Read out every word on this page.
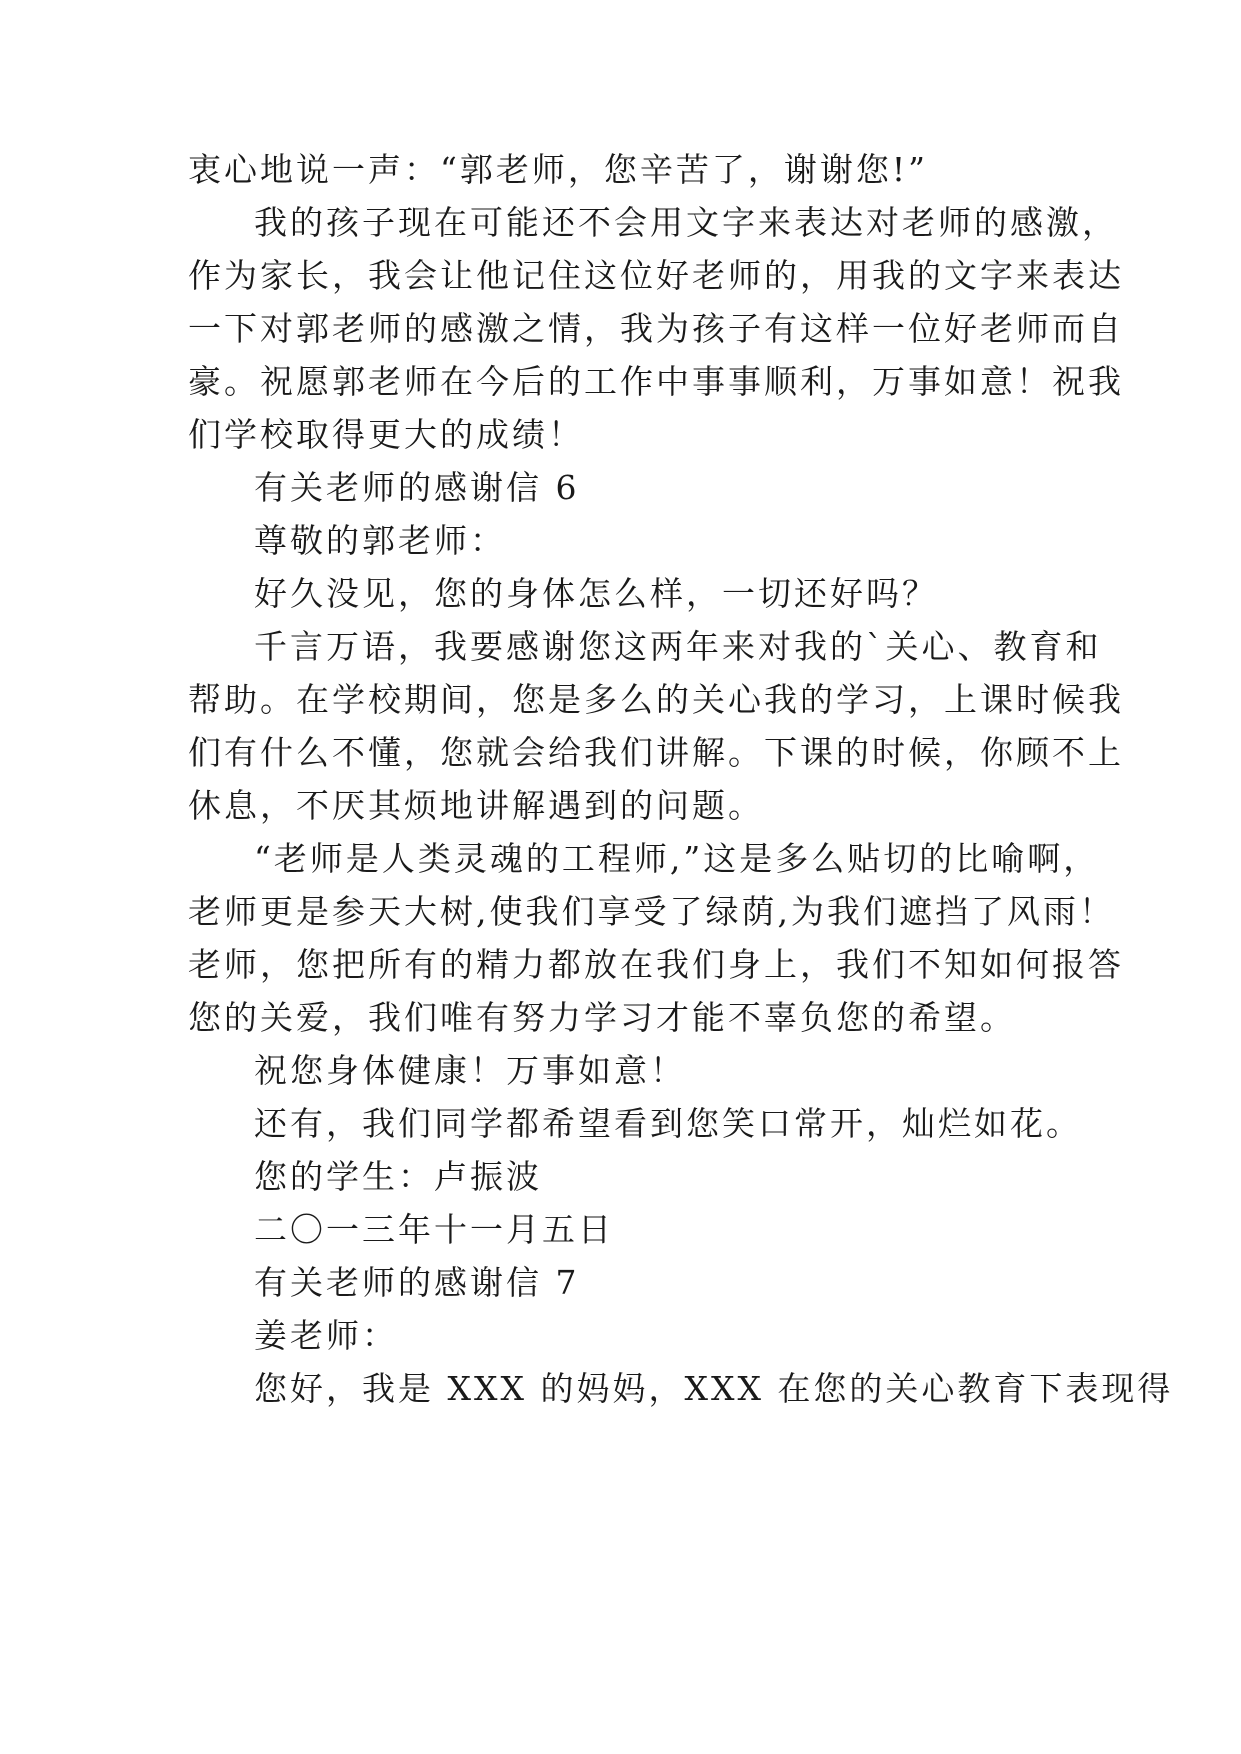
衷心地说一声：“郭老师，您辛苦了，谢谢您!”
我的孩子现在可能还不会用文字来表达对老师的感激，
作为家长，我会让他记住这位好老师的，用我的文字来表达
一下对郭老师的感激之情，我为孩子有这样一位好老师而自
豪。祝愿郭老师在今后的工作中事事顺利，万事如意！祝我
们学校取得更大的成绩！
有关老师的感谢信 6
尊敬的郭老师：
好久没见，您的身体怎么样，一切还好吗？
千言万语，我要感谢您这两年来对我的`关心、教育和
帮助。在学校期间，您是多么的关心我的学习，上课时候我
们有什么不懂，您就会给我们讲解。下课的时候，你顾不上
休息，不厌其烦地讲解遇到的问题。
“老师是人类灵魂的工程师,”这是多么贴切的比喻啊，
老师更是参天大树,使我们享受了绿荫,为我们遮挡了风雨！
老师，您把所有的精力都放在我们身上，我们不知如何报答
您的关爱，我们唯有努力学习才能不辜负您的希望。
祝您身体健康！万事如意！
还有，我们同学都希望看到您笑口常开，灿烂如花。
您的学生：卢振波
二〇一三年十一月五日
有关老师的感谢信 7
姜老师：
您好，我是 XXX 的妈妈，XXX 在您的关心教育下表现得
